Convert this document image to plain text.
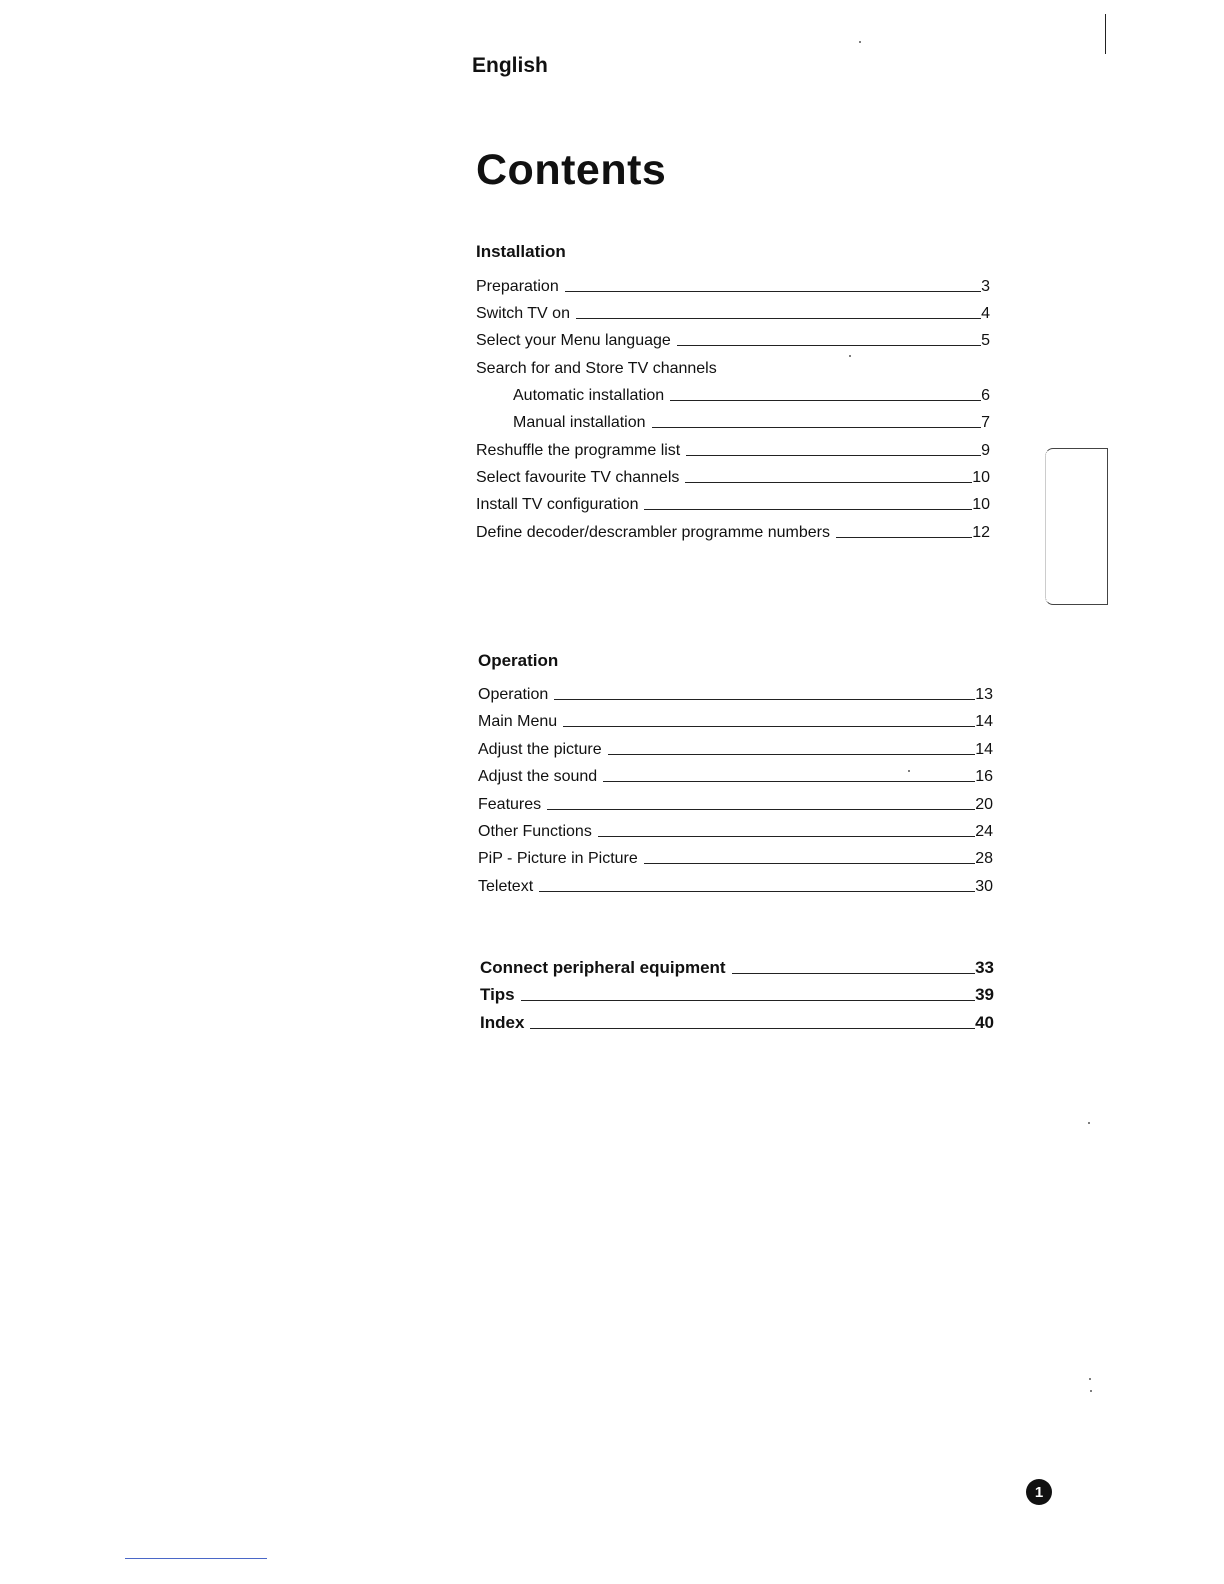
English
Contents
Installation
Preparation	3
Switch TV on	4
Select your Menu language	5
Search for and Store TV channels
Automatic installation	6
Manual installation	7
Reshuffle the programme list	9
Select favourite TV channels	10
Install TV configuration	10
Define decoder/descrambler programme numbers	12
Operation
Operation	13
Main Menu	14
Adjust the picture	14
Adjust the sound	16
Features	20
Other Functions	24
PiP - Picture in Picture	28
Teletext	30
Connect peripheral equipment	33
Tips	39
Index	40
1
